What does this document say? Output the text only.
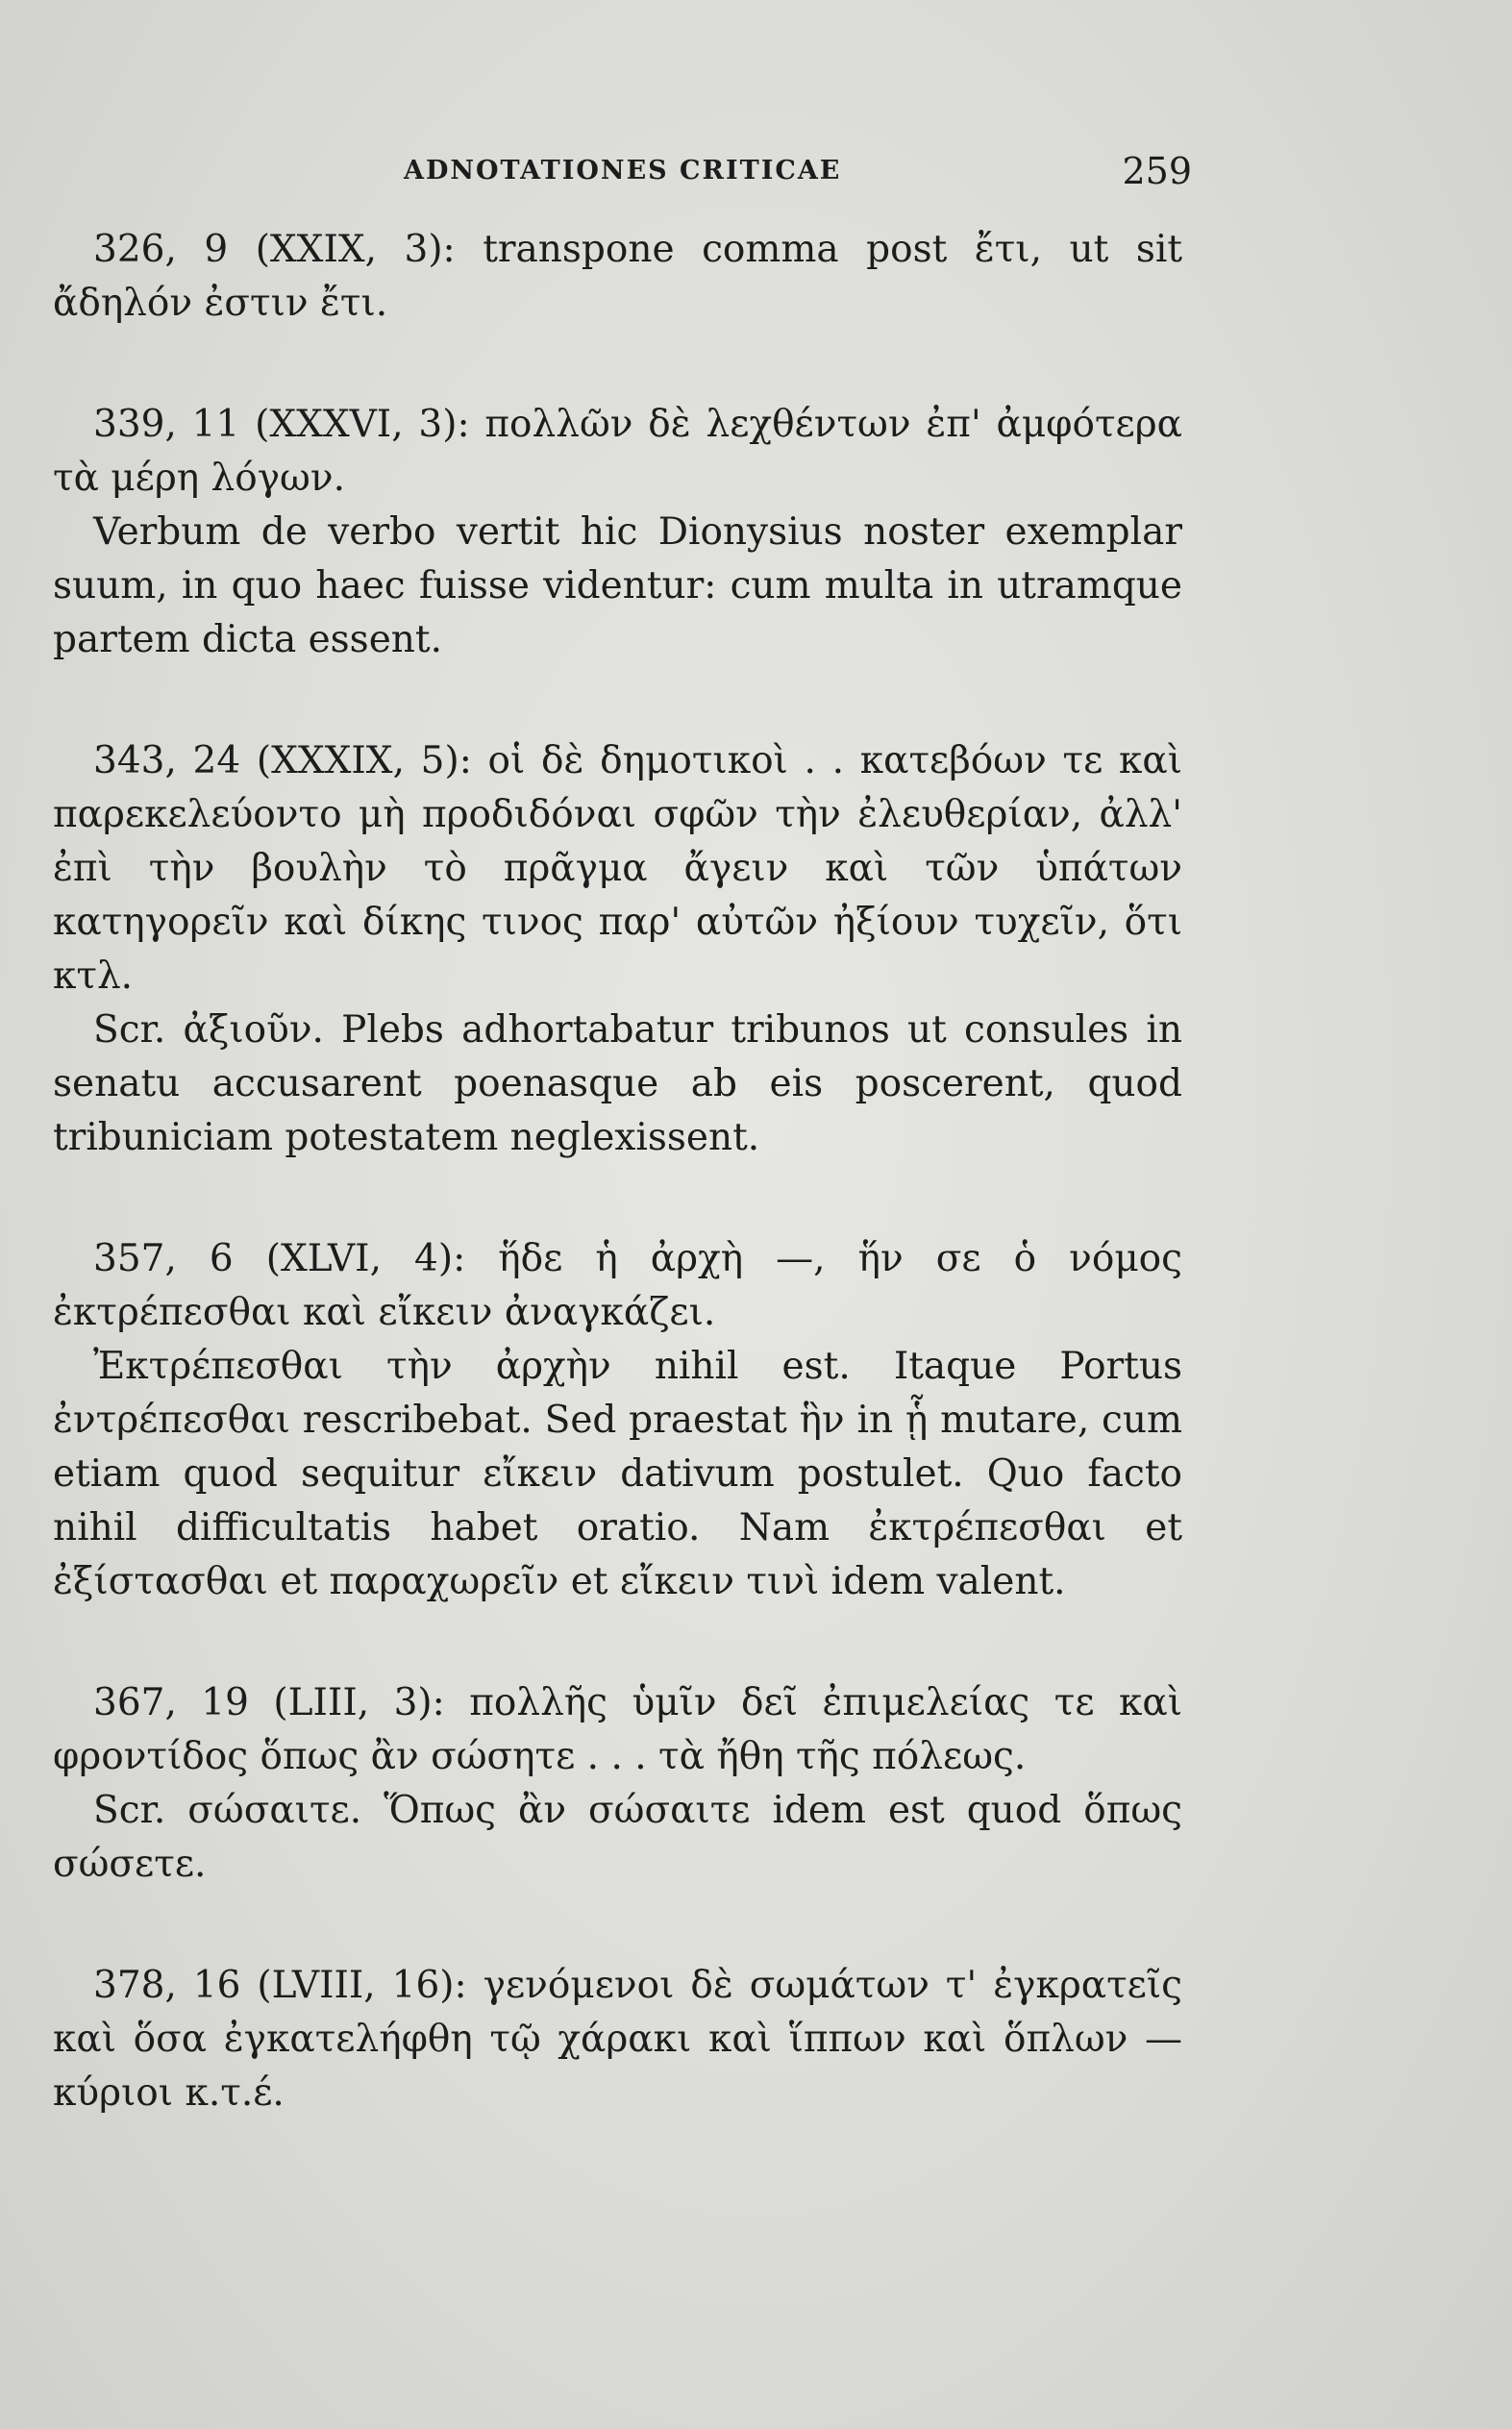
ADNOTATIONES CRITICAE	259

326, 9 (XXIX, 3): transpone comma post ἔτι, ut sit ἄδηλόν ἐστιν ἔτι.

339, 11 (XXXVI, 3): πολλῶν δὲ λεχθέντων ἐπ' ἀμφότερα τὰ μέρη λόγων.

Verbum de verbo vertit hic Dionysius noster exemplar suum, in quo haec fuisse videntur: cum multa in utramque partem dicta essent.

343, 24 (XXXIX, 5): οἱ δὲ δημοτικοὶ . . κατεβόων τε καὶ παρεκελεύοντο μὴ προδιδόναι σφῶν τὴν ἐλευθερίαν, ἀλλ' ἐπὶ τὴν βουλὴν τὸ πρᾶγμα ἄγειν καὶ τῶν ὑπάτων κατηγορεῖν καὶ δίκης τινος παρ' αὐτῶν ἠξίουν τυχεῖν, ὅτι κτλ.

Scr. ἀξιοῦν. Plebs adhortabatur tribunos ut consules in senatu accusarent poenasque ab eis poscerent, quod tribuniciam potestatem neglexissent.

357, 6 (XLVI, 4): ἥδε ἡ ἀρχὴ —, ἥν σε ὁ νόμος ἐκτρέπεσθαι καὶ εἴκειν ἀναγκάζει.

Ἐκτρέπεσθαι τὴν ἀρχὴν nihil est. Itaque Portus ἐντρέπεσθαι rescribebat. Sed praestat ἣν in ᾗ mutare, cum etiam quod sequitur εἴκειν dativum postulet. Quo facto nihil difficultatis habet oratio. Nam ἐκτρέπεσθαι et ἐξίστασθαι et παραχωρεῖν et εἴκειν τινὶ idem valent.

367, 19 (LIII, 3): πολλῆς ὑμῖν δεῖ ἐπιμελείας τε καὶ φροντίδος ὅπως ἂν σώσητε . . . τὰ ἤθη τῆς πόλεως.

Scr. σώσαιτε. Ὅπως ἂν σώσαιτε idem est quod ὅπως σώσετε.

378, 16 (LVIII, 16): γενόμενοι δὲ σωμάτων τ' ἐγκρατεῖς καὶ ὅσα ἐγκατελήφθη τῷ χάρακι καὶ ἵππων καὶ ὅπλων — κύριοι κ.τ.έ.
